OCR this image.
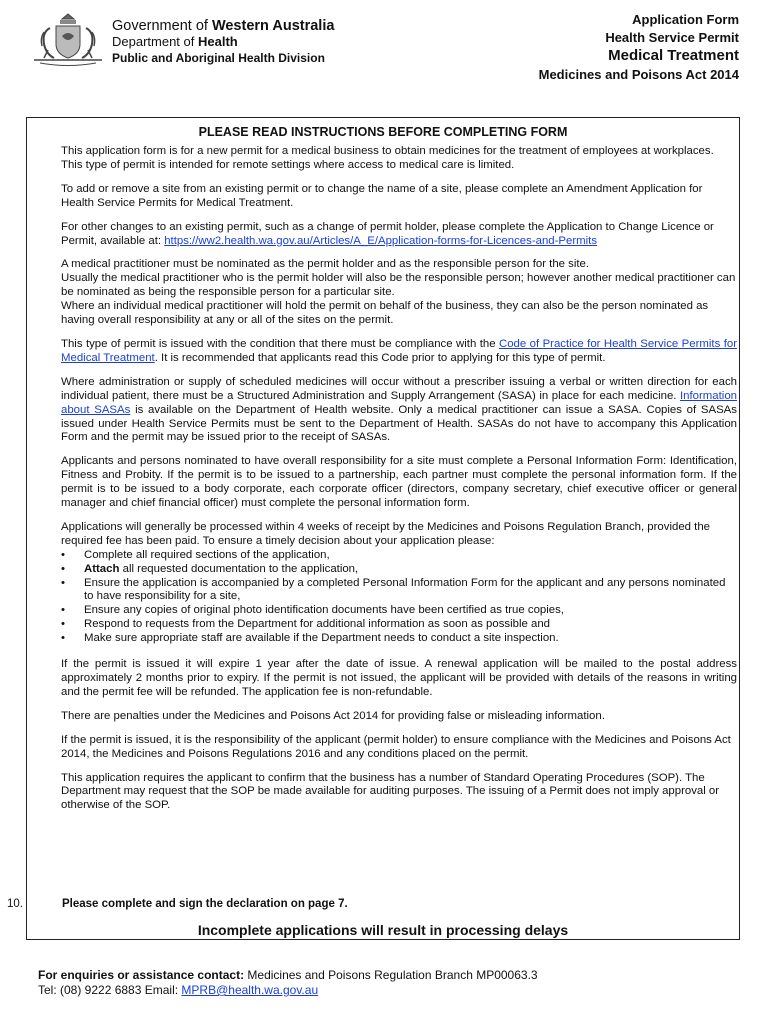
Government of Western Australia
Department of Health
Public and Aboriginal Health Division
Application Form
Health Service Permit
Medical Treatment
Medicines and Poisons Act 2014
PLEASE READ INSTRUCTIONS BEFORE COMPLETING FORM

This application form is for a new permit for a medical business to obtain medicines for the treatment of employees at workplaces. This type of permit is intended for remote settings where access to medical care is limited.

To add or remove a site from an existing permit or to change the name of a site, please complete an Amendment Application for Health Service Permits for Medical Treatment.

For other changes to an existing permit, such as a change of permit holder, please complete the Application to Change Licence or Permit, available at: https://ww2.health.wa.gov.au/Articles/A_E/Application-forms-for-Licences-and-Permits

A medical practitioner must be nominated as the permit holder and as the responsible person for the site.

Usually the medical practitioner who is the permit holder will also be the responsible person; however another medical practitioner can be nominated as being the responsible person for a particular site.

Where an individual medical practitioner will hold the permit on behalf of the business, they can also be the person nominated as having overall responsibility at any or all of the sites on the permit.

This type of permit is issued with the condition that there must be compliance with the Code of Practice for Health Service Permits for Medical Treatment. It is recommended that applicants read this Code prior to applying for this type of permit.

Where administration or supply of scheduled medicines will occur without a prescriber issuing a verbal or written direction for each individual patient, there must be a Structured Administration and Supply Arrangement (SASA) in place for each medicine. Information about SASAs is available on the Department of Health website. Only a medical practitioner can issue a SASA. Copies of SASAs issued under Health Service Permits must be sent to the Department of Health. SASAs do not have to accompany this Application Form and the permit may be issued prior to the receipt of SASAs.

Applicants and persons nominated to have overall responsibility for a site must complete a Personal Information Form: Identification, Fitness and Probity. If the permit is to be issued to a partnership, each partner must complete the personal information form. If the permit is to be issued to a body corporate, each corporate officer (directors, company secretary, chief executive officer or general manager and chief financial officer) must complete the personal information form.

Applications will generally be processed within 4 weeks of receipt by the Medicines and Poisons Regulation Branch, provided the required fee has been paid. To ensure a timely decision about your application please:

• Complete all required sections of the application,
• Attach all requested documentation to the application,
• Ensure the application is accompanied by a completed Personal Information Form for the applicant and any persons nominated to have responsibility for a site,
• Ensure any copies of original photo identification documents have been certified as true copies,
• Respond to requests from the Department for additional information as soon as possible and
• Make sure appropriate staff are available if the Department needs to conduct a site inspection.

If the permit is issued it will expire 1 year after the date of issue. A renewal application will be mailed to the postal address approximately 2 months prior to expiry. If the permit is not issued, the applicant will be provided with details of the reasons in writing and the permit fee will be refunded. The application fee is non-refundable.

There are penalties under the Medicines and Poisons Act 2014 for providing false or misleading information.

If the permit is issued, it is the responsibility of the applicant (permit holder) to ensure compliance with the Medicines and Poisons Act 2014, the Medicines and Poisons Regulations 2016 and any conditions placed on the permit.

This application requires the applicant to confirm that the business has a number of Standard Operating Procedures (SOP). The Department may request that the SOP be made available for auditing purposes. The issuing of a Permit does not imply approval or otherwise of the SOP.

10.	Please complete and sign the declaration on page 7.
Incomplete applications will result in processing delays
For enquiries or assistance contact: Medicines and Poisons Regulation Branch MP00063.3
Tel: (08) 9222 6883 Email: MPRB@health.wa.gov.au
